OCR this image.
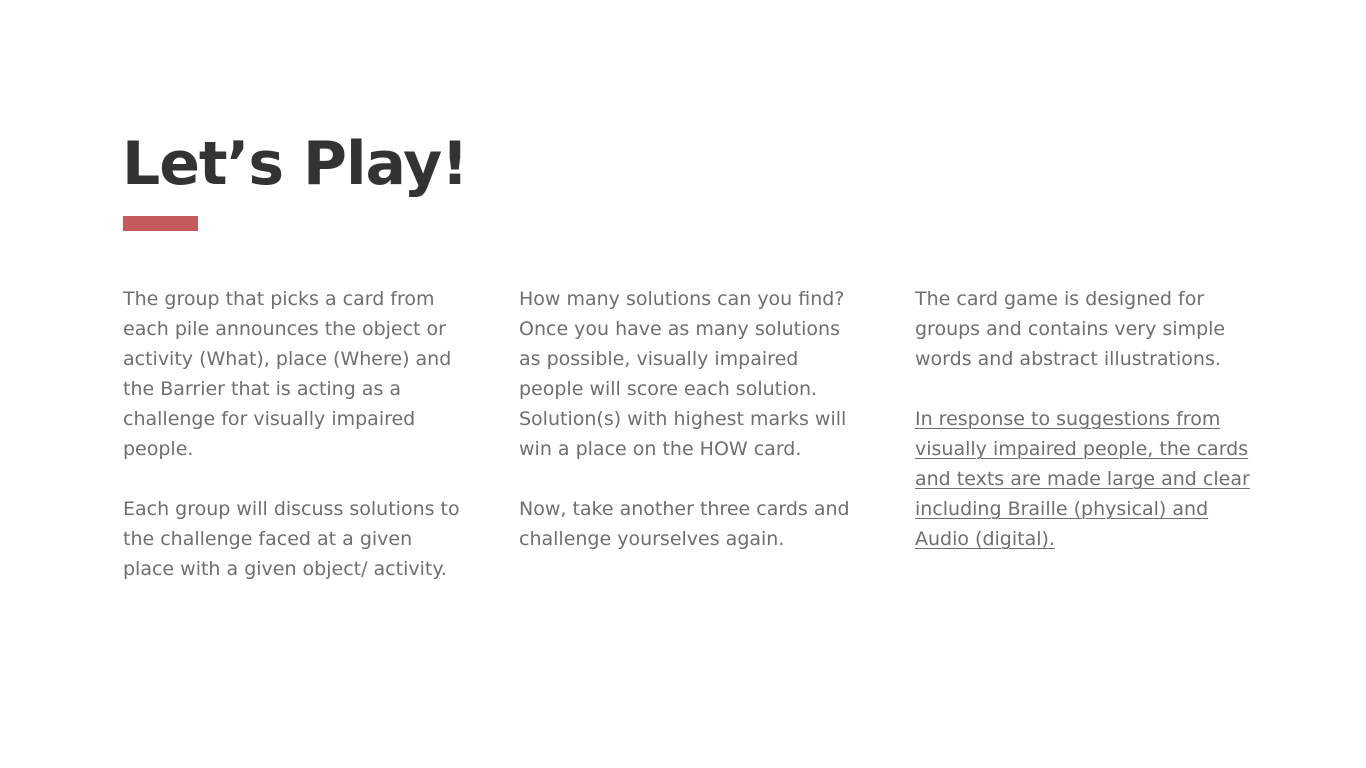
Let’s Play!

The group that picks a card from each pile announces the object or activity (What), place (Where) and the Barrier that is acting as a challenge for visually impaired people.

Each group will discuss solutions to the challenge faced at a given place with a given object/ activity.

How many solutions can you find?

Once you have as many solutions as possible, visually impaired people will score each solution. Solution(s) with highest marks will win a place on the HOW card.

Now, take another three cards and challenge yourselves again.

The card game is designed for groups and contains very simple words and abstract illustrations.

In response to suggestions from visually impaired people, the cards and texts are made large and clear including Braille (physical) and Audio (digital).
